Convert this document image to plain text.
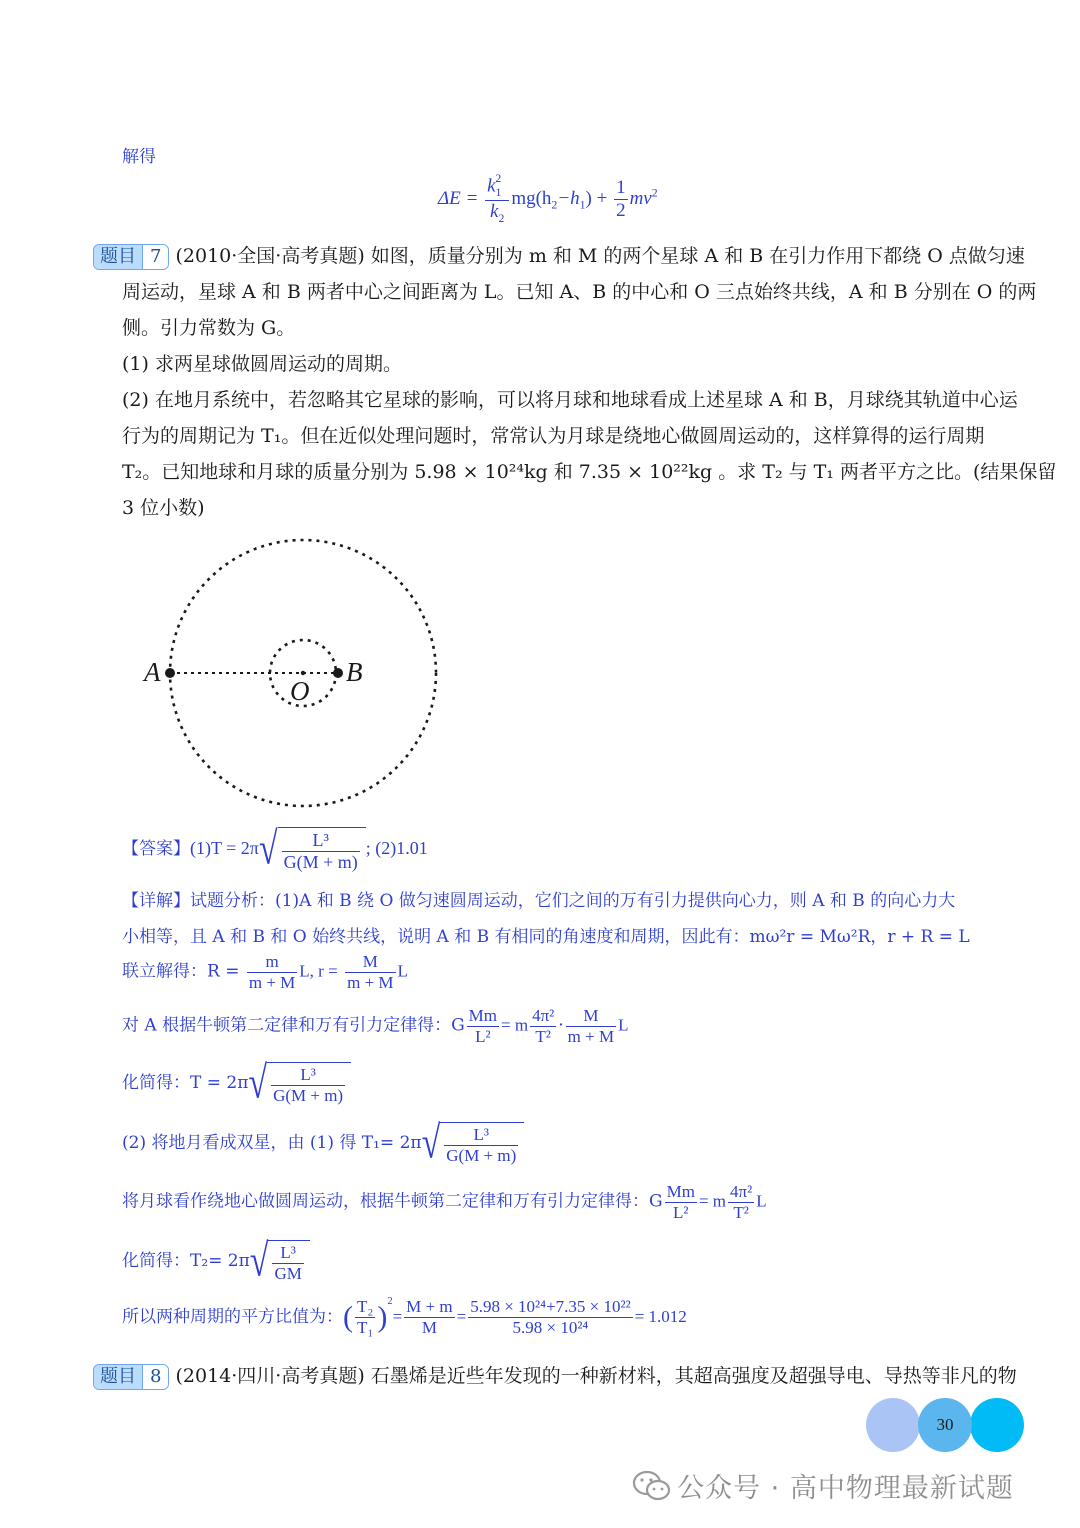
解得
$\Delta E = \frac{k_1^2}{k_2} mg(h_2-h_1) + \frac{1}{2} mv^2$
题目 7 (2010·全国·高考真题) 如图，质量分别为 m 和 M 的两个星球 A 和 B 在引力作用下都绕 O 点做匀速
周运动，星球 A 和 B 两者中心之间距离为 L。已知 A、B 的中心和 O 三点始终共线，A 和 B 分别在 O 的两
侧。引力常数为 G。
(1) 求两星球做圆周运动的周期。
(2) 在地月系统中，若忽略其它星球的影响，可以将月球和地球看成上述星球 A 和 B，月球绕其轨道中心运
行为的周期记为 T₁。但在近似处理问题时，常常认为月球是绕地心做圆周运动的，这样算得的运行周期
T₂。已知地球和月球的质量分别为 5.98 × 10²⁴kg 和 7.35 × 10²²kg 。求 T₂ 与 T₁ 两者平方之比。(结果保留
3 位小数)
A	B
O
【答案】$(1)T = 2\pi√ \frac{\text{L³}}{G(M + m)}$ ; (2)1.01
【详解】试题分析：(1)A 和 B 绕 O 做匀速圆周运动，它们之间的万有引力提供向心力，则 A 和 B 的向心力大
小相等，且 A 和 B 和 O 始终共线，说明 A 和 B 有相同的角速度和周期，因此有：mω²r = Mω²R，r + R = L
联立解得：$R = \frac{m}{m + M} L$, $r = \frac{M}{m + M}$ L
对 A 根据牛顿第二定律和万有引力定律得：G $\frac{Mm}{\text{L²}} = m \frac{\text{4π²}}{\text{T²}} \cdot \frac{M}{m + M}$ L
化简得：$T = 2\pi√ \frac{\text{L³}}{G(M + m)}$
(2) 将地月看成双星，由 (1) 得 $T_1= 2\pi√ \frac{\text{L³}}{G(M + m)}$
将月球看作绕地心做圆周运动，根据牛顿第二定律和万有引力定律得：G $\frac{Mm}{\text{L²}} = m \frac{\text{4π²}}{\text{T²}}$ L
化简得：$T_2= 2\pi√ \frac{\text{L³}}{GM}$
所以两种周期的平方比值为：( $\frac{\text{T₂}}{\text{T₁}} )^2= \frac{M + m}{M} = \frac{\text{5.98 × 10²⁴+7.35 × 10²²}}{\text{5.98 × 10²⁴}} = 1.012$
题目 8 (2014·四川·高考真题) 石墨烯是近些年发现的一种新材料，其超高强度及超强导电、导热等非凡的物
30
公众号 · 高中物理最新试题
